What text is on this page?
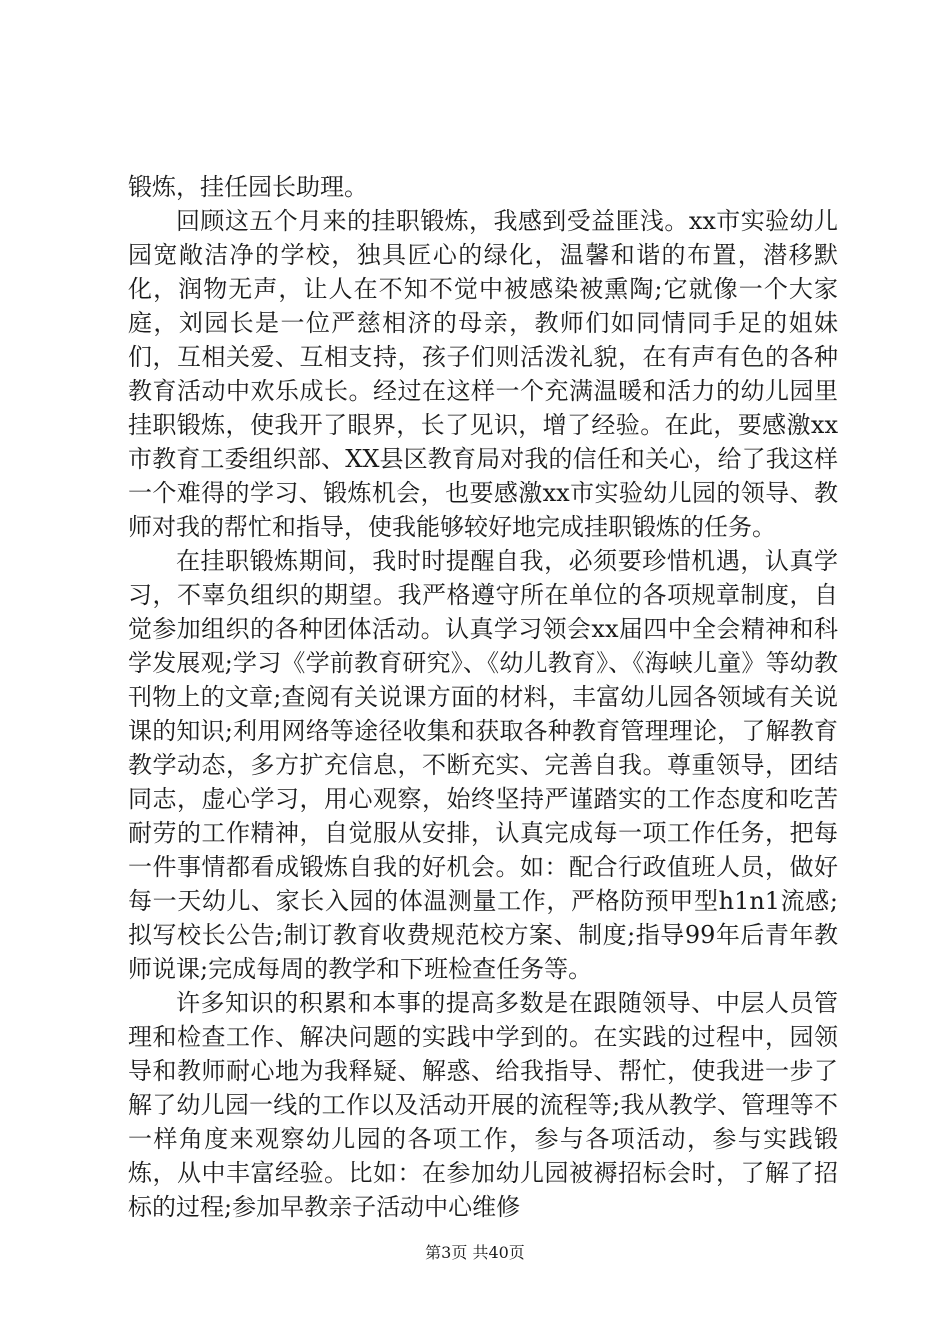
锻炼，挂任园长助理。

回顾这五个月来的挂职锻炼，我感到受益匪浅。xx市实验幼儿园宽敞洁净的学校，独具匠心的绿化，温馨和谐的布置，潜移默化，润物无声，让人在不知不觉中被感染被熏陶;它就像一个大家庭，刘园长是一位严慈相济的母亲，教师们如同情同手足的姐妹们，互相关爱、互相支持，孩子们则活泼礼貌，在有声有色的各种教育活动中欢乐成长。经过在这样一个充满温暖和活力的幼儿园里挂职锻炼，使我开了眼界，长了见识，增了经验。在此，要感激xx市教育工委组织部、XX县区教育局对我的信任和关心，给了我这样一个难得的学习、锻炼机会，也要感激xx市实验幼儿园的领导、教师对我的帮忙和指导，使我能够较好地完成挂职锻炼的任务。

在挂职锻炼期间，我时时提醒自我，必须要珍惜机遇，认真学习，不辜负组织的期望。我严格遵守所在单位的各项规章制度，自觉参加组织的各种团体活动。认真学习领会xx届四中全会精神和科学发展观;学习《学前教育研究》、《幼儿教育》、《海峡儿童》等幼教刊物上的文章;查阅有关说课方面的材料，丰富幼儿园各领域有关说课的知识;利用网络等途径收集和获取各种教育管理理论，了解教育教学动态，多方扩充信息，不断充实、完善自我。尊重领导，团结同志，虚心学习，用心观察，始终坚持严谨踏实的工作态度和吃苦耐劳的工作精神，自觉服从安排，认真完成每一项工作任务，把每一件事情都看成锻炼自我的好机会。如：配合行政值班人员，做好每一天幼儿、家长入园的体温测量工作，严格防预甲型h1n1流感;拟写校长公告;制订教育收费规范校方案、制度;指导99年后青年教师说课;完成每周的教学和下班检查任务等。

许多知识的积累和本事的提高多数是在跟随领导、中层人员管理和检查工作、解决问题的实践中学到的。在实践的过程中，园领导和教师耐心地为我释疑、解惑、给我指导、帮忙，使我进一步了解了幼儿园一线的工作以及活动开展的流程等;我从教学、管理等不一样角度来观察幼儿园的各项工作，参与各项活动，参与实践锻炼，从中丰富经验。比如：在参加幼儿园被褥招标会时，了解了招标的过程;参加早教亲子活动中心维修

第3页 共40页
